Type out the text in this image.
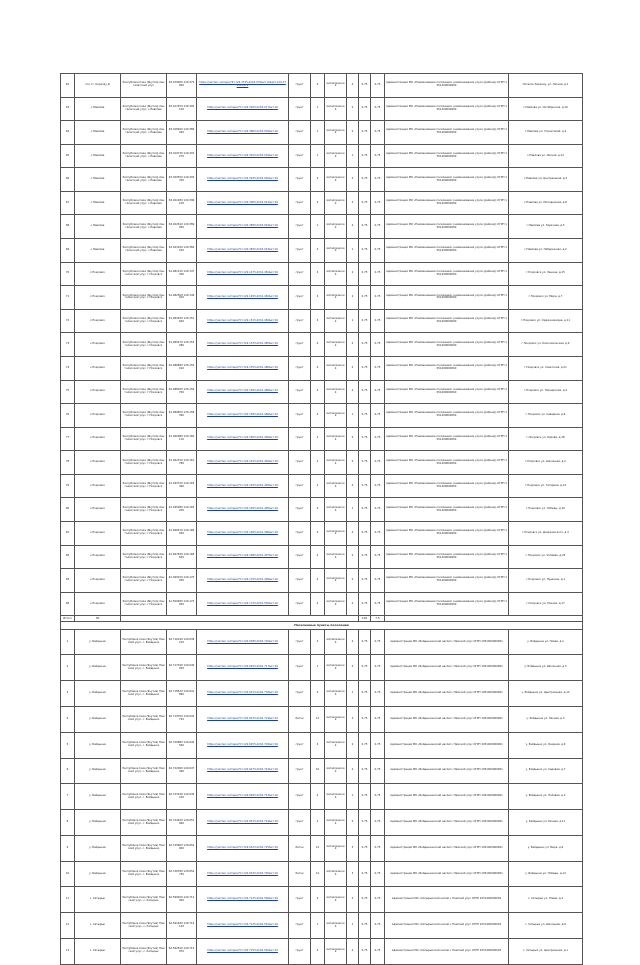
62	пос.ст. Корачау Д	Республика Саха (Якутия) Хангаласский улус	63.079000 129.374000	https://yandex.ru/maps/?ll=129.374%2C63.079&z=16&pt=129.374,63.079	грунт	4	металлический	2	0.75	0.75	Администрация МО «Наименование поселения» (наименование улуса (района)) ОГРН 1051400000000	Поселок Корачау, ул. Лесная, д.1
63	с.Павлова	Республика Саха (Якутия) Хангаласский улус, с.Павлова	63.017450 129.392100	https://yandex.ru/maps/?ll=129.392%2C63.017&z=16	грунт	1	металлический	2	0.75	0.75	Администрация МО «Наименование поселения» (наименование улуса (района)) ОГРН 1051400000000	с.Павлова ул. Октябрьская, д.10
64	с.Павлова	Республика Саха (Якутия) Хангаласский улус, с.Павлова	63.018920 129.386450	https://yandex.ru/maps/?ll=129.386%2C63.018&z=16	грунт	1	металлический	2	0.75	0.75	Администрация МО «Наименование поселения» (наименование улуса (района)) ОГРН 1051400000000	с.Павлова ул. Строителей, д.4
65	с.Павлова	Республика Саха (Якутия) Хангаласский улус, с.Павлова	63.019730 129.391270	https://yandex.ru/maps/?ll=129.391%2C63.019&z=16	грунт	1	металлический	1	0.75	0.75	Администрация МО «Наименование поселения» (наименование улуса (района)) ОГРН 1051400000000	с.Павлова ул. Лесная, д.12
66	с.Павлова	Республика Саха (Якутия) Хангаласский улус, с.Павлова	63.020550 129.393700	https://yandex.ru/maps/?ll=129.393%2C63.020&z=16	грунт	4	металлический	2	0.75	0.75	Администрация МО «Наименование поселения» (наименование улуса (района)) ОГРН 1051400000000	с.Павлова ул. Центральная, д.3
67	с.Павлова	Республика Саха (Якутия) Хангаласский улус, с.Павлова	63.021480 129.396100	https://yandex.ru/maps/?ll=129.396%2C63.021&z=16	грунт	4	металлический	2	0.75	0.75	Администрация МО «Наименование поселения» (наименование улуса (района)) ОГРН 1051400000000	с.Павлова ул. Молодежная, д.8
68	с.Павлова	Республика Саха (Якутия) Хангаласский улус, с.Павлова	63.022610 129.389950	https://yandex.ru/maps/?ll=129.389%2C63.022&z=16	грунт	1	металлический	2	0.75	0.75	Администрация МО «Наименование поселения» (наименование улуса (района)) ОГРН 1051400000000	с.Павлова ул. Заречная, д.5
69	с.Павлова	Республика Саха (Якутия) Хангаласский улус, с.Павлова	63.023100 129.384520	https://yandex.ru/maps/?ll=129.384%2C63.023&z=16	грунт	4	металлический	1	0.75	0.75	Администрация МО «Наименование поселения» (наименование улуса (района)) ОГРН 1051400000000	с.Павлова ул. Набережная, д.2
70	с.Покровск	Республика Саха (Якутия) Хангаласский улус, г.Покровск	61.481120 129.147300	https://yandex.ru/maps/?ll=129.147%2C61.481&z=16	грунт	4	металлический	2	0.75	0.75	Администрация МО «Наименование поселения» (наименование улуса (района)) ОГРН 1051400000000	г.Покровск ул. Ленина, д.15
71	с.Покровск	Республика Саха (Якутия) Хангаласский улус, г.Покровск	61.482500 129.149910	https://yandex.ru/maps/?ll=129.149%2C61.482&z=16	грунт	4	металлический	2	0.75	0.75	Администрация МО «Наименование поселения» (наименование улуса (района)) ОГРН 1051400000000	г.Покровск ул. Мира, д.7
72	с.Покровск	Республика Саха (Якутия) Хангаласский улус, г.Покровск	61.484030 129.151640	https://yandex.ru/maps/?ll=129.151%2C61.484&z=16	грунт	4	металлический	1	0.75	0.75	Администрация МО «Наименование поселения» (наименование улуса (района)) ОГРН 1051400000000	г.Покровск ул. Орджоникидзе, д.11
73	с.Покровск	Республика Саха (Якутия) Хангаласский улус, г.Покровск	61.485470 129.153280	https://yandex.ru/maps/?ll=129.153%2C61.485&z=16	грунт	4	металлический	2	0.75	0.75	Администрация МО «Наименование поселения» (наименование улуса (района)) ОГРН 1051400000000	г.Покровск ул. Комсомольская, д.9
74	с.Покровск	Республика Саха (Якутия) Хангаласский улус, г.Покровск	61.486890 129.155010	https://yandex.ru/maps/?ll=129.155%2C61.486&z=16	грунт	4	металлический	2	0.75	0.75	Администрация МО «Наименование поселения» (наименование улуса (района)) ОГРН 1051400000000	г.Покровск ул. Советская, д.21
75	с.Покровск	Республика Саха (Якутия) Хангаласский улус, г.Покровск	61.488200 129.156700	https://yandex.ru/maps/?ll=129.156%2C61.488&z=16	грунт	4	металлический	2	0.75	0.75	Администрация МО «Наименование поселения» (наименование улуса (района)) ОГРН 1051400000000	г.Покровск ул. Пионерская, д.4
76	с.Покровск	Республика Саха (Якутия) Хангаласский улус, г.Покровск	61.489650 129.158390	https://yandex.ru/maps/?ll=129.158%2C61.489&z=16	грунт	4	металлический	1	0.75	0.75	Администрация МО «Наименование поселения» (наименование улуса (района)) ОГРН 1051400000000	г.Покровск ул. Северная, д.6
77	с.Покровск	Республика Саха (Якутия) Хангаласский улус, г.Покровск	61.490980 129.160110	https://yandex.ru/maps/?ll=129.160%2C61.490&z=16	грунт	4	металлический	2	0.75	0.75	Администрация МО «Наименование поселения» (наименование улуса (района)) ОГРН 1051400000000	г.Покровск ул. Кирова, д.18
78	с.Покровск	Республика Саха (Якутия) Хангаласский улус, г.Покровск	61.492310 129.161780	https://yandex.ru/maps/?ll=129.161%2C61.492&z=16	грунт	4	металлический	2	0.75	0.75	Администрация МО «Наименование поселения» (наименование улуса (района)) ОГРН 1051400000000	г.Покровск ул. Школьная, д.2
79	с.Покровск	Республика Саха (Якутия) Хангаласский улус, г.Покровск	61.493720 129.163490	https://yandex.ru/maps/?ll=129.163%2C61.493&z=16	грунт	4	металлический	2	0.75	0.75	Администрация МО «Наименование поселения» (наименование улуса (района)) ОГРН 1051400000000	г.Покровск ул. Гагарина, д.14
80	с.Покровск	Республика Саха (Якутия) Хангаласский улус, г.Покровск	61.495080 129.165200	https://yandex.ru/maps/?ll=129.165%2C61.495&z=16	грунт	4	металлический	1	0.75	0.75	Администрация МО «Наименование поселения» (наименование улуса (района)) ОГРН 1051400000000	г.Покровск ул. Победы, д.10
81	с.Покровск	Республика Саха (Якутия) Хангаласский улус, г.Покровск	61.496410 129.166930	https://yandex.ru/maps/?ll=129.166%2C61.496&z=16	грунт	4	металлический	2	0.75	0.75	Администрация МО «Наименование поселения» (наименование улуса (района)) ОГРН 1051400000000	г.Покровск ул. Дзержинского, д.3
82	с.Покровск	Республика Саха (Якутия) Хангаласский улус, г.Покровск	61.497830 129.168620	https://yandex.ru/maps/?ll=129.168%2C61.497&z=16	грунт	4	металлический	2	0.75	0.75	Администрация МО «Наименование поселения» (наименование улуса (района)) ОГРН 1051400000000	г.Покровск ул. Чапаева, д.25
83	с.Покровск	Республика Саха (Якутия) Хангаласский улус, г.Покровск	61.499150 129.170350	https://yandex.ru/maps/?ll=129.170%2C61.499&z=16	грунт	4	металлический	2	0.75	0.75	Администрация МО «Наименование поселения» (наименование улуса (района)) ОГРН 1051400000000	г.Покровск ул. Пушкина, д.1
84	с.Покровск	Республика Саха (Якутия) Хангаласский улус, г.Покровск	61.500480 129.172040	https://yandex.ru/maps/?ll=129.172%2C61.500&z=16	грунт	4	металлический	2	0.75	0.75	Администрация МО «Наименование поселения» (наименование улуса (района)) ОГРН 1051400000000	г.Покровск ул. Южная, д.17
Итого	30								105	7.5		
Населенные пункты поселения												
1	у. Бэйдыннэ	Республика Саха (Якутия) Намский улус, с. Бэйдыннэ	62.716190 129.638210	https://yandex.ru/maps/?ll=129.638%2C62.716&z=16	грунт	4	металлический	2	0.75	0.75	Администрация МО «Бэйдыннэнский наслег» Намский улус ОГРН 1051400000001	у. Бэйдыннэ ул. Новая, д.1
2	у. Бэйдыннэ	Республика Саха (Якутия) Намский улус, с. Бэйдыннэ	62.717340 129.640050	https://yandex.ru/maps/?ll=129.640%2C62.717&z=16	грунт	1	металлический	2	0.75	0.75	Администрация МО «Бэйдыннэнский наслег» Намский улус ОГРН 1051400000001	у. Бэйдыннэ ул. Школьная, д.5
3	у. Бэйдыннэ	Республика Саха (Якутия) Намский улус, с. Бэйдыннэ	62.718520 129.641890	https://yandex.ru/maps/?ll=129.641%2C62.718&z=16	грунт	4	металлический	1	0.75	0.75	Администрация МО «Бэйдыннэнский наслег» Намский улус ОГРН 1051400000001	у. Бэйдыннэ ул. Центральная, д.12
4	у. Бэйдыннэ	Республика Саха (Якутия) Намский улус, с. Бэйдыннэ	62.719700 129.643720	https://yandex.ru/maps/?ll=129.643%2C62.719&z=16	бетон	12	металлический	3	0.75	0.75	Администрация МО «Бэйдыннэнский наслег» Намский улус ОГРН 1051400000001	у. Бэйдыннэ ул. Лесная, д.3
5	у. Бэйдыннэ	Республика Саха (Якутия) Намский улус, с. Бэйдыннэ	62.720880 129.645560	https://yandex.ru/maps/?ll=129.645%2C62.720&z=16	грунт	4	металлический	2	0.75	0.75	Администрация МО «Бэйдыннэнский наслег» Намский улус ОГРН 1051400000001	у. Бэйдыннэ ул. Озерная, д.9
6	у. Бэйдыннэ	Республика Саха (Якутия) Намский улус, с. Бэйдыннэ	62.722060 129.647390	https://yandex.ru/maps/?ll=129.647%2C62.722&z=16	грунт	10	металлический	2	0.75	0.75	Администрация МО «Бэйдыннэнский наслег» Намский улус ОГРН 1051400000001	у. Бэйдыннэ ул. Садовая, д.7
7	у. Бэйдыннэ	Республика Саха (Якутия) Намский улус, с. Бэйдыннэ	62.723240 129.649230	https://yandex.ru/maps/?ll=129.649%2C62.723&z=16	грунт	4	металлический	1	0.75	0.75	Администрация МО «Бэйдыннэнский наслег» Намский улус ОГРН 1051400000001	у. Бэйдыннэ ул. Полевая, д.2
8	у. Бэйдыннэ	Республика Саха (Якутия) Намский улус, с. Бэйдыннэ	62.724420 129.651060	https://yandex.ru/maps/?ll=129.651%2C62.724&z=16	грунт	4	металлический	2	0.75	0.75	Администрация МО «Бэйдыннэнский наслег» Намский улус ОГРН 1051400000001	у. Бэйдыннэ ул. Речная, д.11
9	у. Бэйдыннэ	Республика Саха (Якутия) Намский улус, с. Бэйдыннэ	62.725600 129.652900	https://yandex.ru/maps/?ll=129.652%2C62.725&z=16	бетон	12	металлический	3	0.75	0.75	Администрация МО «Бэйдыннэнский наслег» Намский улус ОГРН 1051400000001	у. Бэйдыннэ ул. Мира, д.6
10	у. Бэйдыннэ	Республика Саха (Якутия) Намский улус, с. Бэйдыннэ	62.726780 129.654730	https://yandex.ru/maps/?ll=129.654%2C62.726&z=16	бетон	12	металлический	3	0.75	0.75	Администрация МО «Бэйдыннэнский наслег» Намский улус ОГРН 1051400000001	у. Бэйдыннэ ул. Победы, д.14
11	с. Хатырык	Республика Саха (Якутия) Намский улус, с. Хатырык	62.590450 129.712300	https://yandex.ru/maps/?ll=129.712%2C62.590&z=16	грунт	4	металлический	2	0.75	0.75	Администрация МО «Хатырыкский наслег» Намский улус ОГРН 1051400000002	с. Хатырык ул. Новая, д.4
12	с. Хатырык	Республика Саха (Якутия) Намский улус, с. Хатырык	62.591630 129.714140	https://yandex.ru/maps/?ll=129.714%2C62.591&z=16	грунт	1	металлический	1	0.75	0.75	Администрация МО «Хатырыкский наслег» Намский улус ОГРН 1051400000002	с. Хатырык ул. Школьная, д.8
13	с. Хатырык	Республика Саха (Якутия) Намский улус, с. Хатырык	62.592810 129.715970	https://yandex.ru/maps/?ll=129.715%2C62.592&z=16	грунт	4	металлический	2	0.75	0.75	Администрация МО «Хатырыкский наслег» Намский улус ОГРН 1051400000002	с. Хатырык ул. Центральная, д.1
